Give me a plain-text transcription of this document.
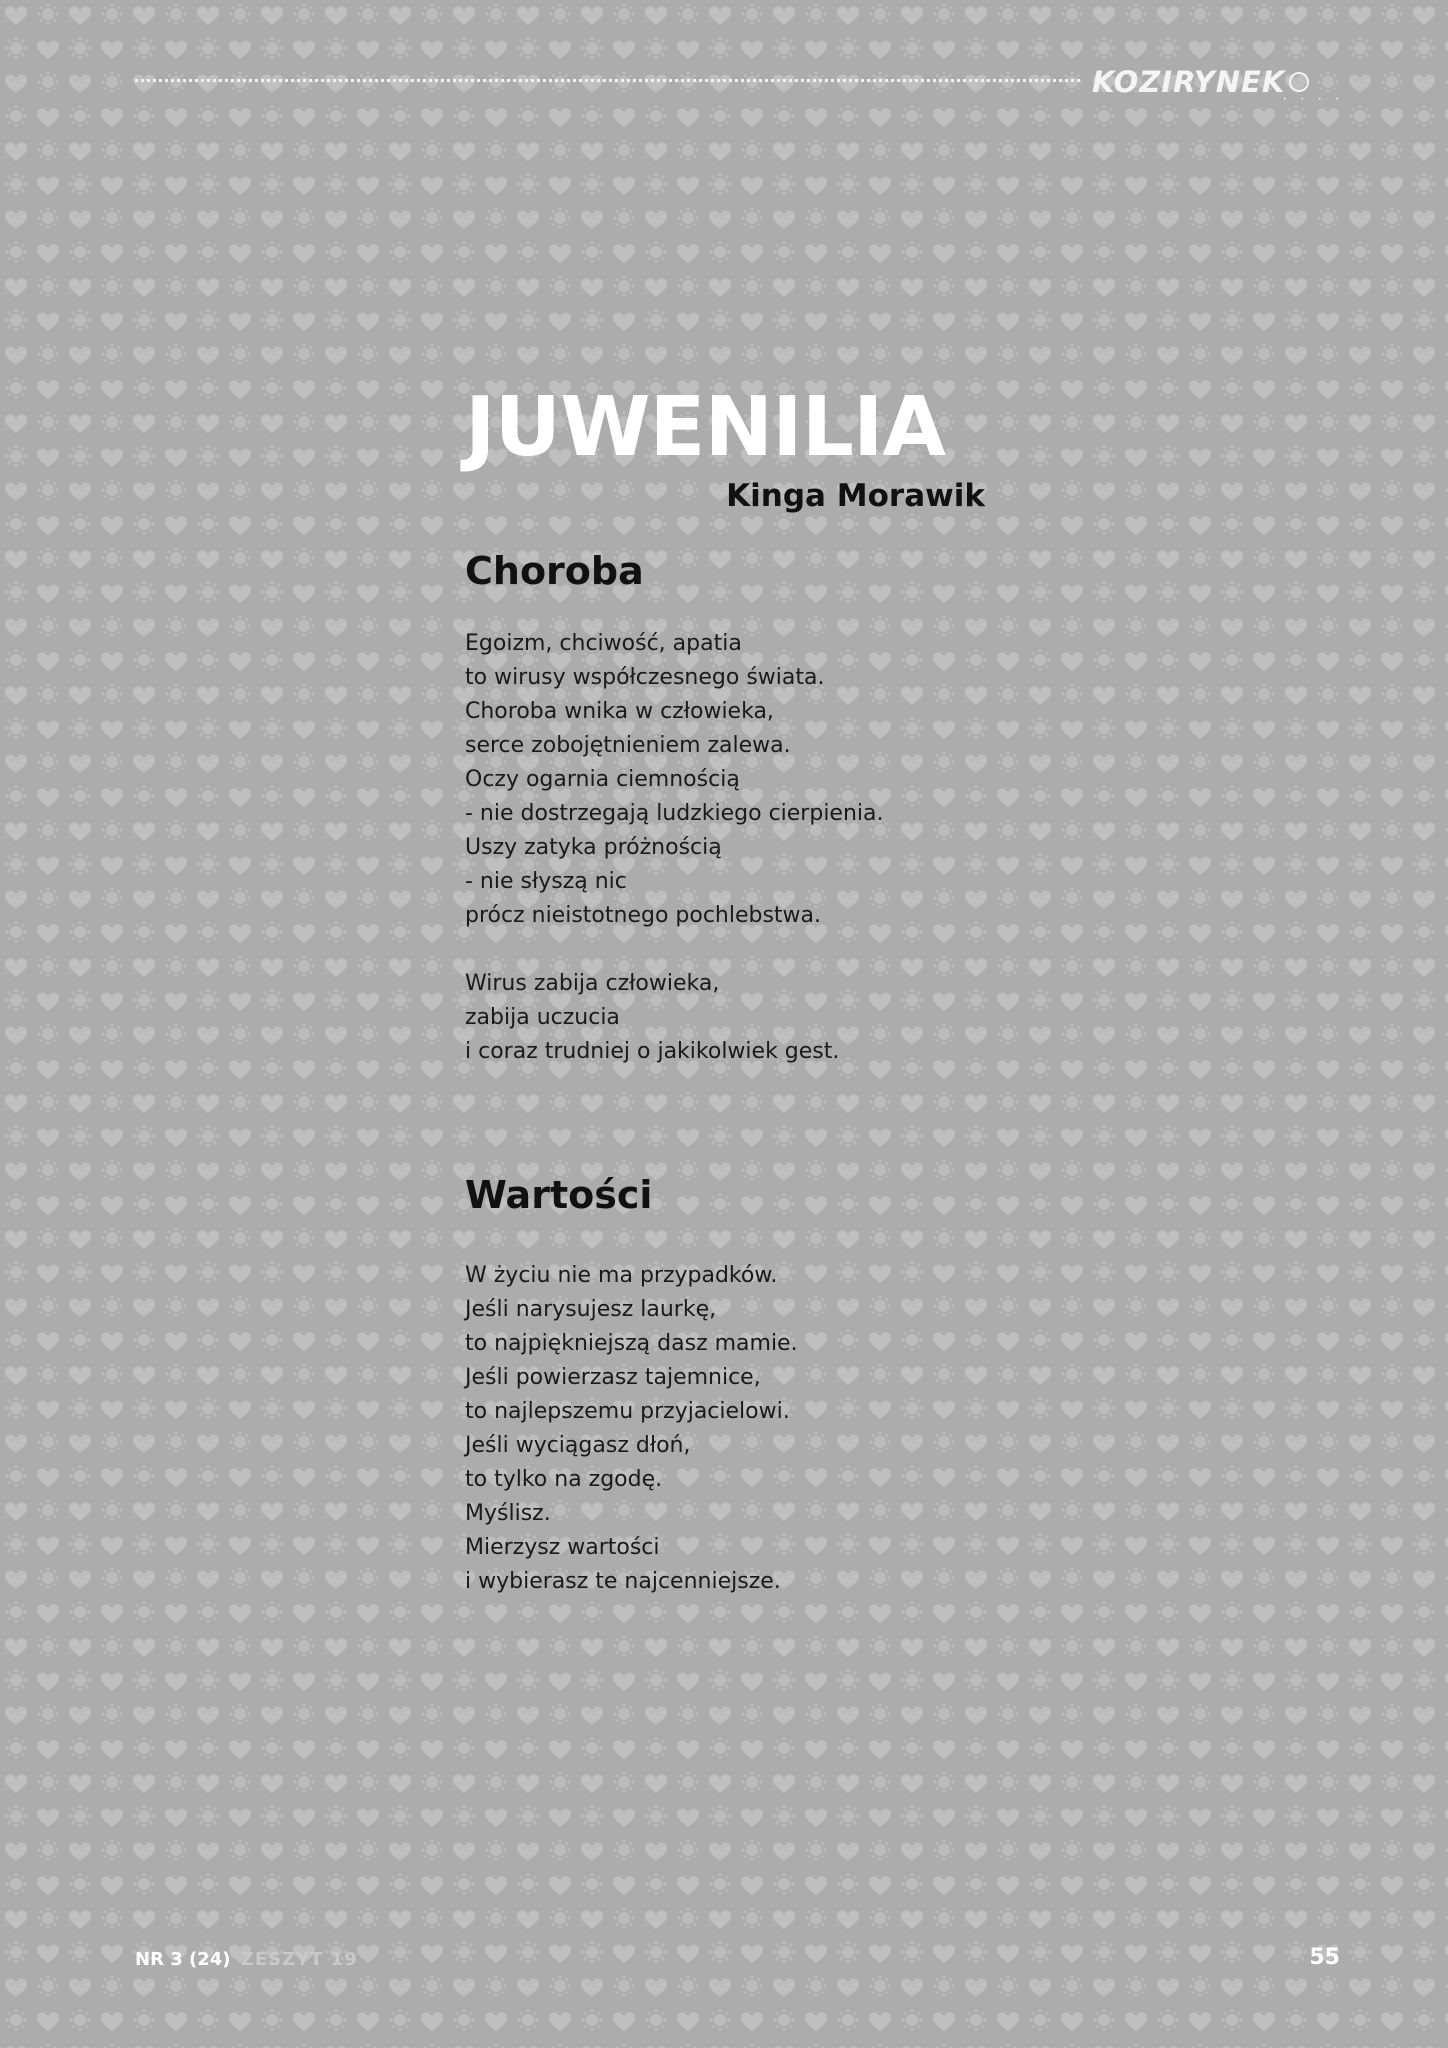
KOZIRYNEK
• • • •
JUWENILIA
Kinga Morawik
Choroba
Egoizm, chciwość, apatia
to wirusy współczesnego świata.
Choroba wnika w człowieka,
serce zobojętnieniem zalewa.
Oczy ogarnia ciemnością
- nie dostrzegają ludzkiego cierpienia.
Uszy zatyka próżnością
- nie słyszą nic
prócz nieistotnego pochlebstwa.
Wirus zabija człowieka,
zabija uczucia
i coraz trudniej o jakikolwiek gest.
Wartości
W życiu nie ma przypadków.
Jeśli narysujesz laurkę,
to najpiękniejszą dasz mamie.
Jeśli powierzasz tajemnice,
to najlepszemu przyjacielowi.
Jeśli wyciągasz dłoń,
to tylko na zgodę.
Myślisz.
Mierzysz wartości
i wybierasz te najcenniejsze.
NR 3 (24) ZESZYT 19	55
